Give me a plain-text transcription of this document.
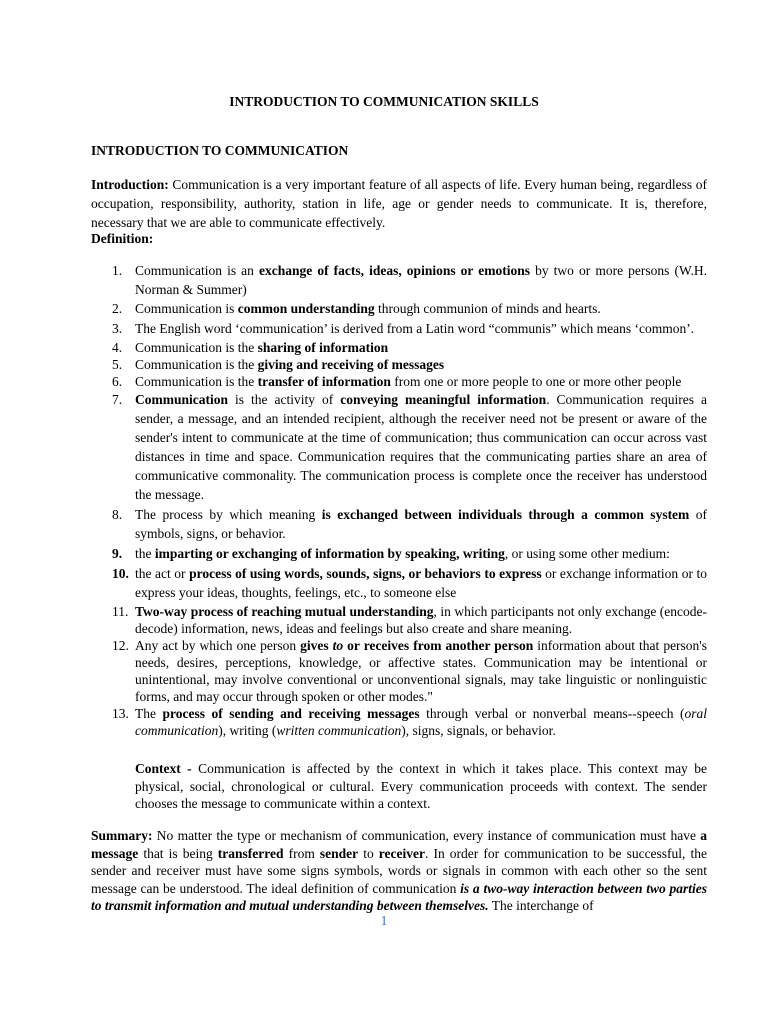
INTRODUCTION TO COMMUNICATION SKILLS
INTRODUCTION TO COMMUNICATION
Introduction: Communication is a very important feature of all aspects of life. Every human being, regardless of occupation, responsibility, authority, station in life, age or gender needs to communicate. It is, therefore, necessary that we are able to communicate effectively.
Definition:
1. Communication is an exchange of facts, ideas, opinions or emotions by two or more persons (W.H. Norman & Summer)
2. Communication is common understanding through communion of minds and hearts.
3. The English word ‘communication’ is derived from a Latin word “communis” which means ‘common’.
4. Communication is the sharing of information
5. Communication is the giving and receiving of messages
6. Communication is the transfer of information from one or more people to one or more other people
7. Communication is the activity of conveying meaningful information. Communication requires a sender, a message, and an intended recipient, although the receiver need not be present or aware of the sender's intent to communicate at the time of communication; thus communication can occur across vast distances in time and space. Communication requires that the communicating parties share an area of communicative commonality. The communication process is complete once the receiver has understood the message.
8. The process by which meaning is exchanged between individuals through a common system of symbols, signs, or behavior.
9. the imparting or exchanging of information by speaking, writing, or using some other medium:
10. the act or process of using words, sounds, signs, or behaviors to express or exchange information or to express your ideas, thoughts, feelings, etc., to someone else
11. Two-way process of reaching mutual understanding, in which participants not only exchange (encode-decode) information, news, ideas and feelings but also create and share meaning.
12. Any act by which one person gives to or receives from another person information about that person's needs, desires, perceptions, knowledge, or affective states. Communication may be intentional or unintentional, may involve conventional or unconventional signals, may take linguistic or nonlinguistic forms, and may occur through spoken or other modes."
13. The process of sending and receiving messages through verbal or nonverbal means--speech (oral communication), writing (written communication), signs, signals, or behavior.
Context - Communication is affected by the context in which it takes place. This context may be physical, social, chronological or cultural. Every communication proceeds with context. The sender chooses the message to communicate within a context.
Summary: No matter the type or mechanism of communication, every instance of communication must have a message that is being transferred from sender to receiver. In order for communication to be successful, the sender and receiver must have some signs symbols, words or signals in common with each other so the sent message can be understood. The ideal definition of communication is a two-way interaction between two parties to transmit information and mutual understanding between themselves. The interchange of
1
